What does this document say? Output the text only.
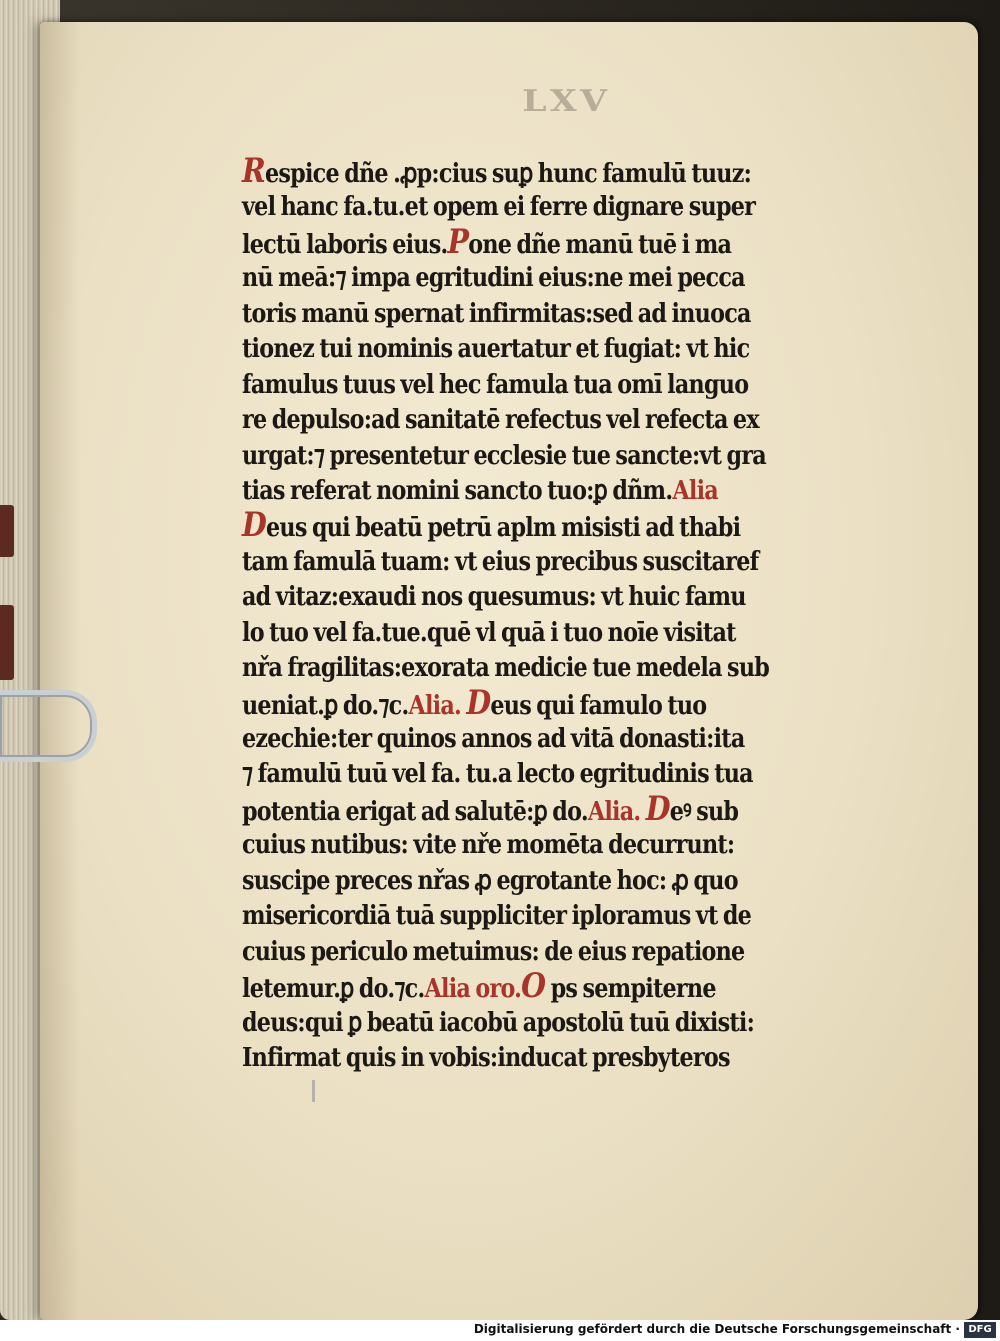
LXV
Respice dñe .ꝓp:cius suꝑ hunc famulū tuuz:
vel hanc fa.tu.et opem ei ferre dignare super
lectū laboris eius.Pone dñe manū tuē i ma
nū meā:⁊ impa egritudini eius:ne mei pecca
toris manū spernat infirmitas:sed ad inuoca
tionez tui nominis auertatur et fugiat: vt hic
famulus tuus vel hec famula tua omī languo
re depulso:ad sanitatē refectus vel refecta ex
urgat:⁊ presentetur ecclesie tue sancte:vt gra
tias referat nomini sancto tuo:ꝑ dñm.Alia
Deus qui beatū petrū aplm misisti ad thabi
tam famulā tuam: vt eius precibus suscitaref
ad vitaz:exaudi nos quesumus: vt huic famu
lo tuo vel fa.tue.quē vl quā i tuo noīe visitat
nřa fragilitas:exorata medicie tue medela sub
ueniat.ꝑ do.⁊c.Alia. Deus qui famulo tuo
ezechie:ter quinos annos ad vitā donasti:ita
⁊ famulū tuū vel fa. tu.a lecto egritudinis tua
potentia erigat ad salutē:ꝑ do.Alia. Deꝰ sub
cuius nutibus: vite nře momēta decurrunt:
suscipe preces nřas ꝓ egrotante hoc: ꝓ quo
misericordiā tuā suppliciter iploramus vt de
cuius periculo metuimus: de eius repatione
letemur.ꝑ do.⁊c.Alia oro.O ps sempiterne
deus:qui ꝑ beatū iacobū apostolū tuū dixisti:
Infirmat quis in vobis:inducat presbyteros
Digitalisierung gefördert durch die Deutsche Forschungsgemeinschaft · DFG
